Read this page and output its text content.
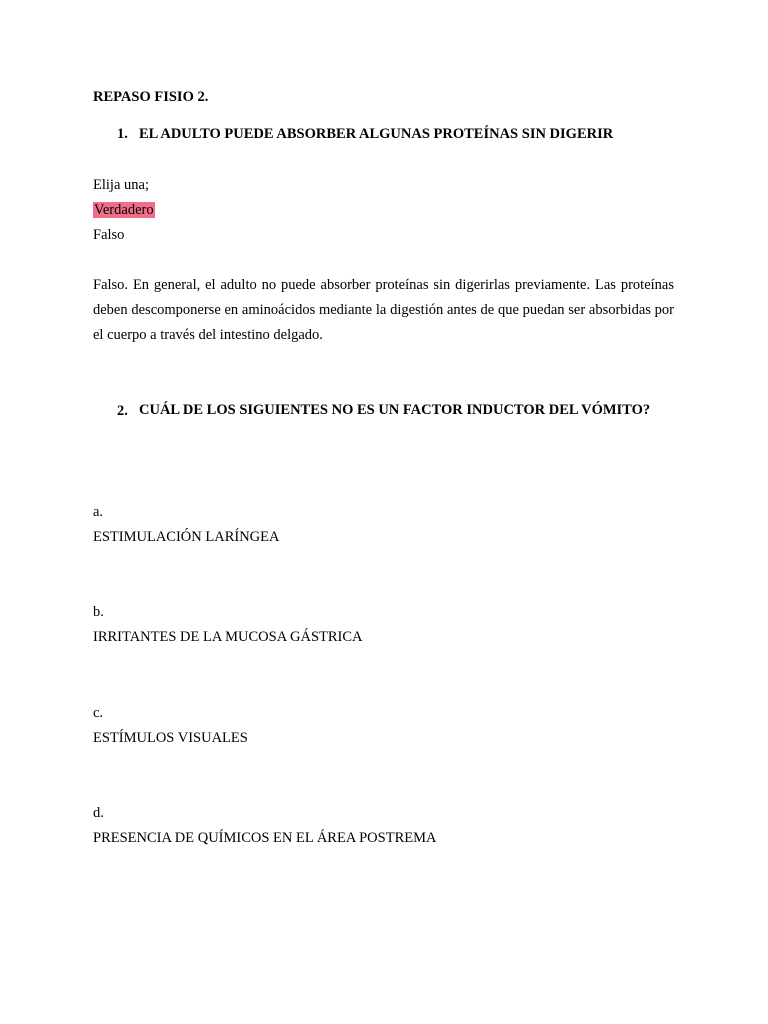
REPASO FISIO 2.

1. EL ADULTO PUEDE ABSORBER ALGUNAS PROTEÍNAS SIN DIGERIR

Elija una;

Verdadero

Falso

Falso. En general, el adulto no puede absorber proteínas sin digerirlas previamente. Las proteínas deben descomponerse en aminoácidos mediante la digestión antes de que puedan ser absorbidas por el cuerpo a través del intestino delgado.

2. CUÁL DE LOS SIGUIENTES NO ES UN FACTOR INDUCTOR DEL VÓMITO?

a.

ESTIMULACIÓN LARÍNGEA

b.

IRRITANTES DE LA MUCOSA GÁSTRICA

c.

ESTÍMULOS VISUALES

d.

PRESENCIA DE QUÍMICOS EN EL ÁREA POSTREMA
